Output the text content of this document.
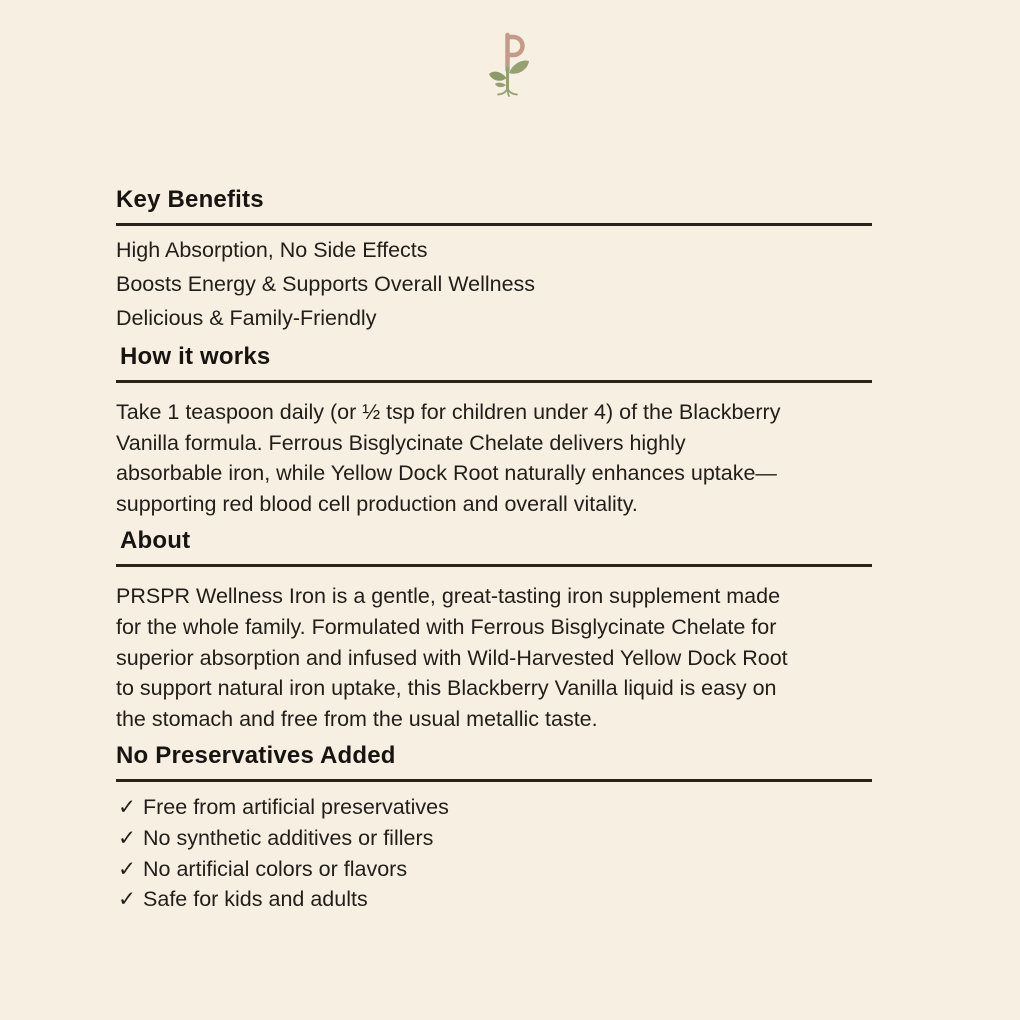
Key Benefits
High Absorption, No Side Effects
Boosts Energy & Supports Overall Wellness
Delicious & Family-Friendly
How it works
Take 1 teaspoon daily (or ½ tsp for children under 4) of the Blackberry
Vanilla formula. Ferrous Bisglycinate Chelate delivers highly
absorbable iron, while Yellow Dock Root naturally enhances uptake—
supporting red blood cell production and overall vitality.
About
PRSPR Wellness Iron is a gentle, great-tasting iron supplement made
for the whole family. Formulated with Ferrous Bisglycinate Chelate for
superior absorption and infused with Wild-Harvested Yellow Dock Root
to support natural iron uptake, this Blackberry Vanilla liquid is easy on
the stomach and free from the usual metallic taste.
No Preservatives Added
✓ Free from artificial preservatives
✓ No synthetic additives or fillers
✓ No artificial colors or flavors
✓ Safe for kids and adults
